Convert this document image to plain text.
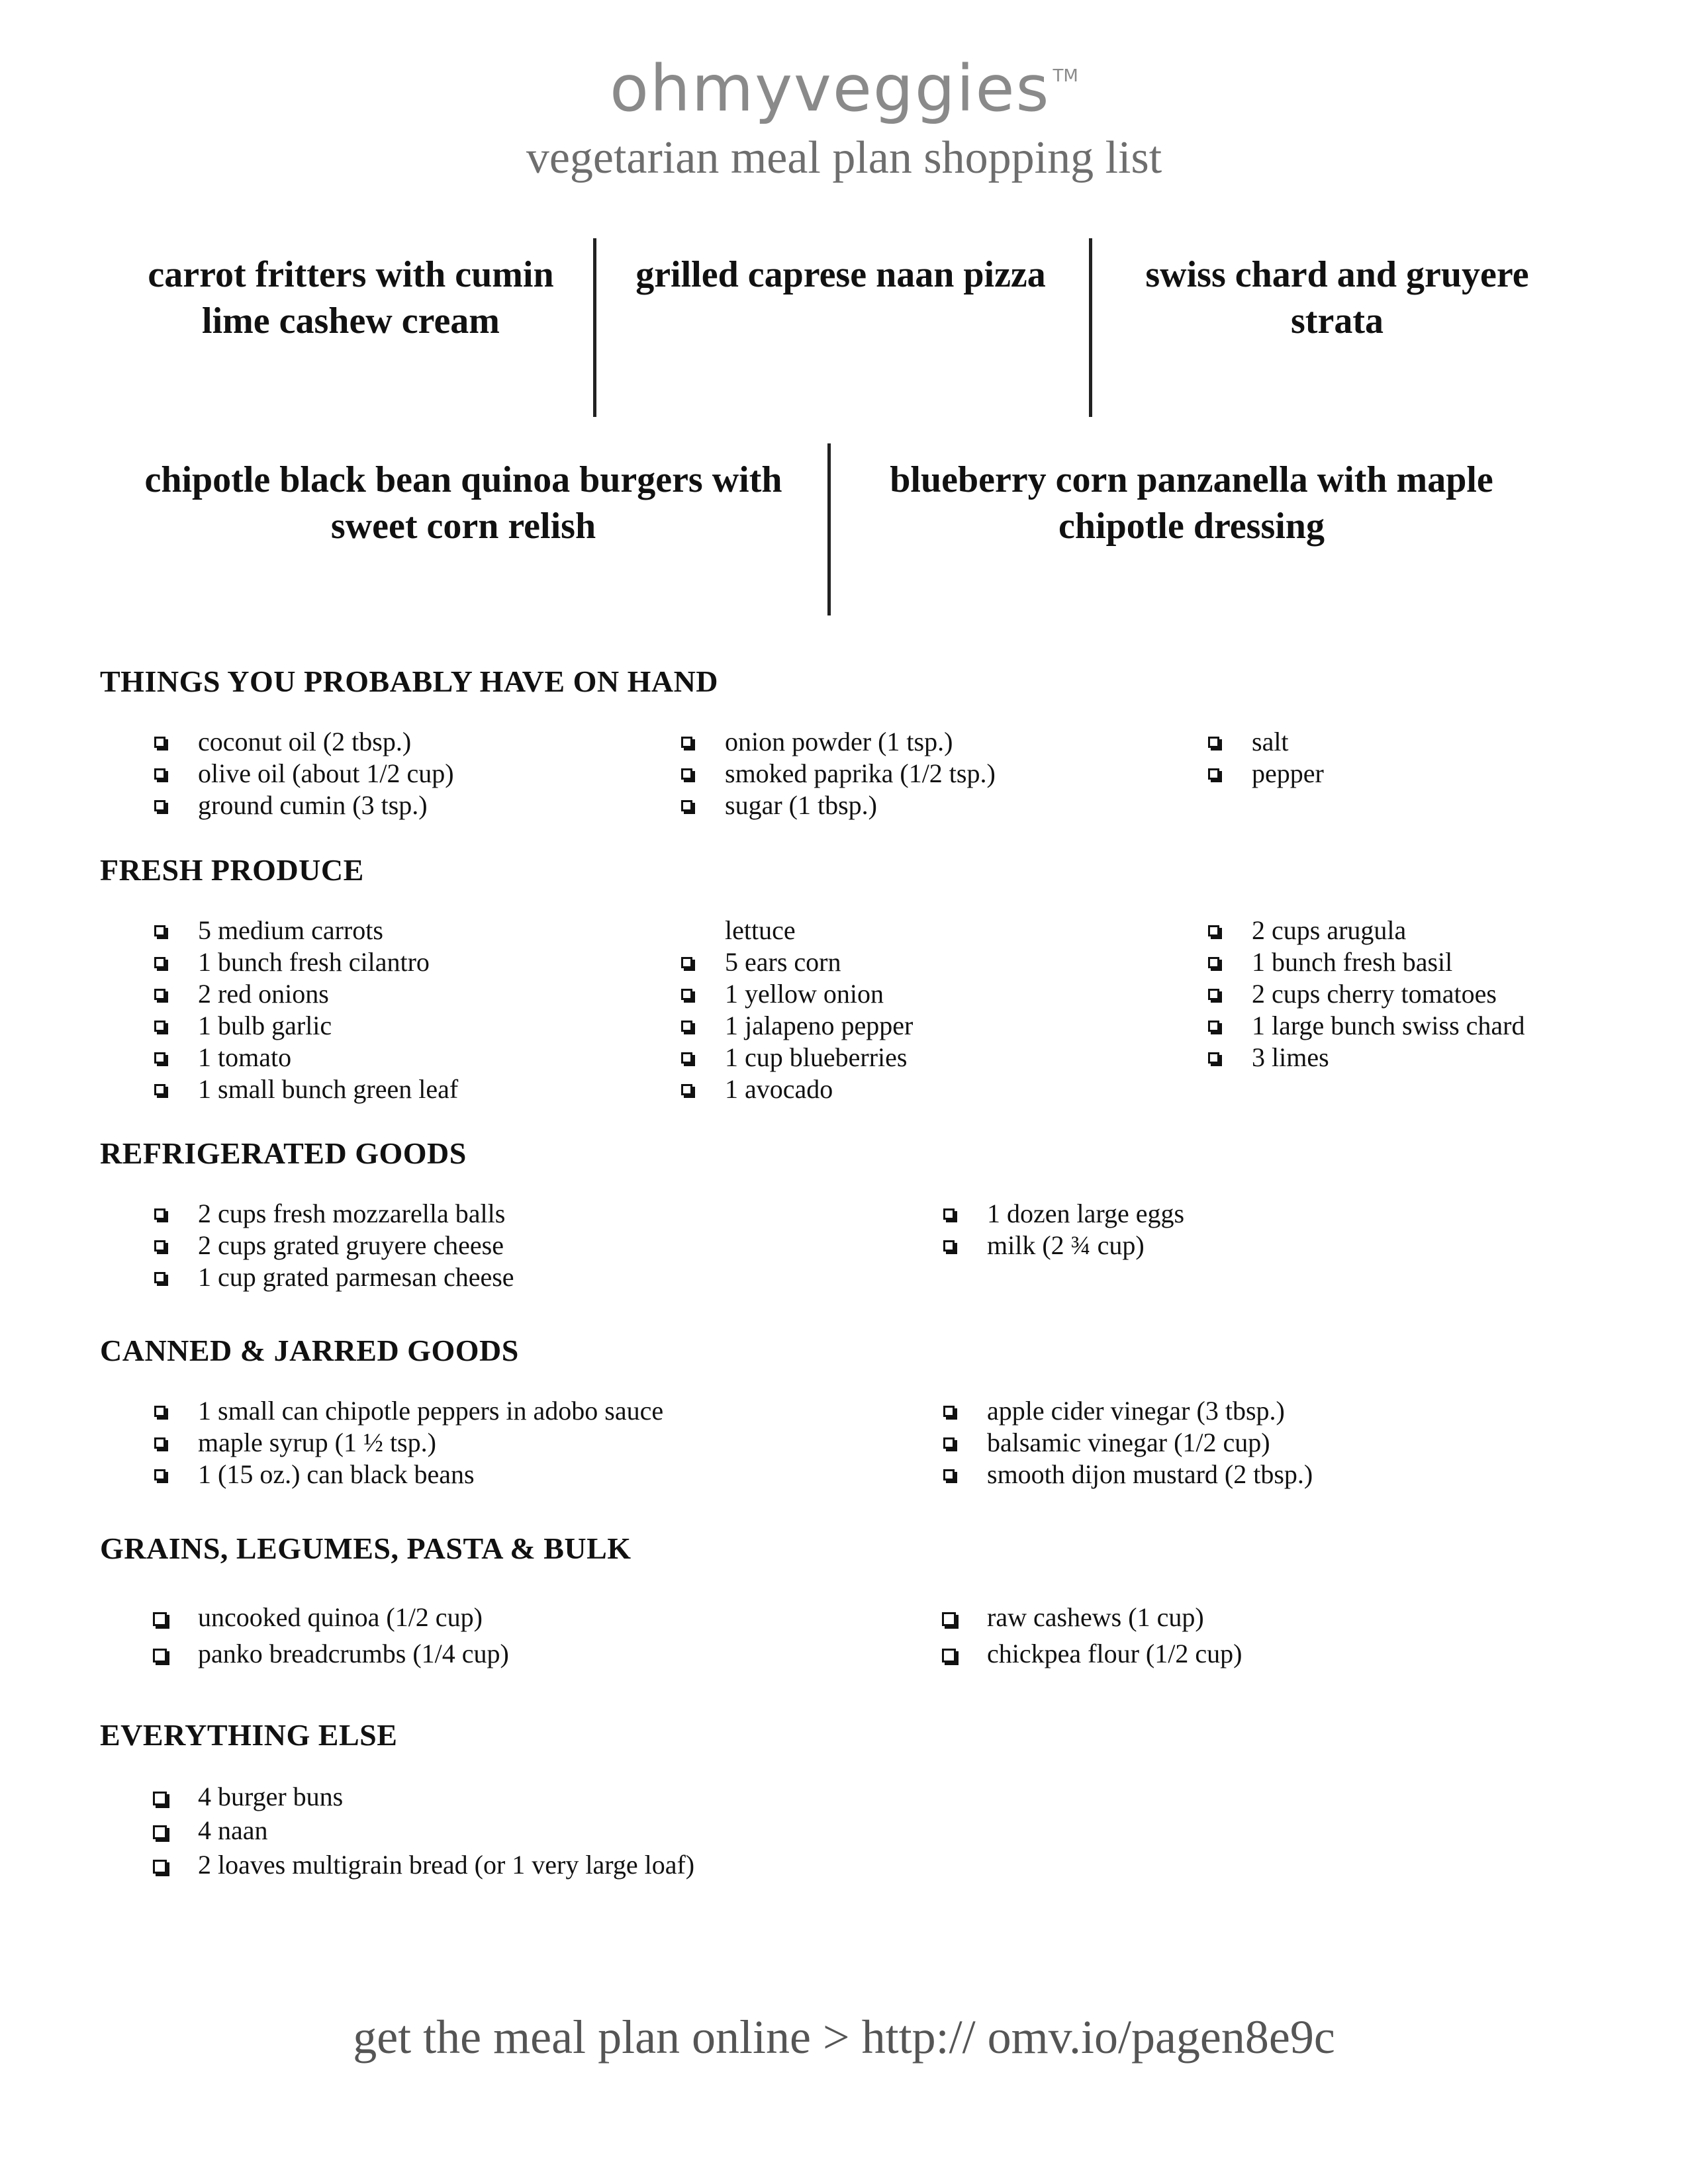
ohmyveggies ™
vegetarian meal plan shopping list
carrot fritters with cumin lime cashew cream
grilled caprese naan pizza	swiss chard and gruyere strata
chipotle black bean quinoa burgers with sweet corn relish
blueberry corn panzanella with maple chipotle dressing
THINGS YOU PROBABLY HAVE ON HAND
coconut oil (2 tbsp.)
olive oil (about 1/2 cup)
ground cumin (3 tsp.)
onion powder (1 tsp.)
smoked paprika (1/2 tsp.)
sugar (1 tbsp.)
salt
pepper
FRESH PRODUCE
5 medium carrots
1 bunch fresh cilantro
2 red onions
1 bulb garlic
1 tomato
1 small bunch green leaf
lettuce
5 ears corn
1 yellow onion
1 jalapeno pepper
1 cup blueberries
1 avocado
2 cups arugula
1 bunch fresh basil
2 cups cherry tomatoes
1 large bunch swiss chard
3 limes
REFRIGERATED GOODS
2 cups fresh mozzarella balls
2 cups grated gruyere cheese
1 cup grated parmesan cheese
1 dozen large eggs
milk (2 ¾ cup)
CANNED & JARRED GOODS
1 small can chipotle peppers in adobo sauce
maple syrup (1 ½ tsp.)
1 (15 oz.) can black beans
apple cider vinegar (3 tbsp.)
balsamic vinegar (1/2 cup)
smooth dijon mustard (2 tbsp.)
GRAINS, LEGUMES, PASTA & BULK
uncooked quinoa (1/2 cup)
panko breadcrumbs (1/4 cup)
raw cashews (1 cup)
chickpea flour (1/2 cup)
EVERYTHING ELSE
4 burger buns
4 naan
2 loaves multigrain bread (or 1 very large loaf)
get the meal plan online > http:// omv.io/pagen8e9c
